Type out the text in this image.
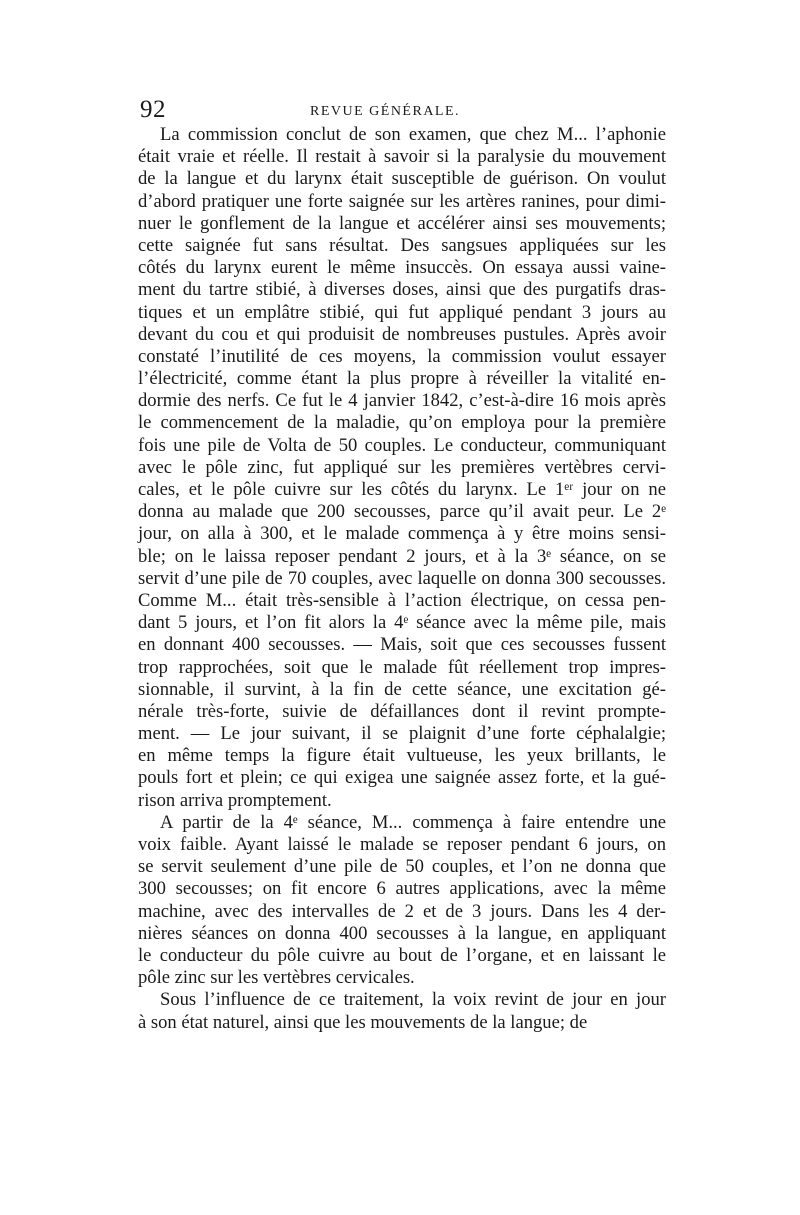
92	REVUE GÉNÉRALE.
La commission conclut de son examen, que chez M... l’aphonie
était vraie et réelle. Il restait à savoir si la paralysie du mouvement
de la langue et du larynx était susceptible de guérison. On voulut
d’abord pratiquer une forte saignée sur les artères ranines, pour dimi-
nuer le gonflement de la langue et accélérer ainsi ses mouvements;
cette saignée fut sans résultat. Des sangsues appliquées sur les
côtés du larynx eurent le même insuccès. On essaya aussi vaine-
ment du tartre stibié, à diverses doses, ainsi que des purgatifs dras-
tiques et un emplâtre stibié, qui fut appliqué pendant 3 jours au
devant du cou et qui produisit de nombreuses pustules. Après avoir
constaté l’inutilité de ces moyens, la commission voulut essayer
l’électricité, comme étant la plus propre à réveiller la vitalité en-
dormie des nerfs. Ce fut le 4 janvier 1842, c’est-à-dire 16 mois après
le commencement de la maladie, qu’on employa pour la première
fois une pile de Volta de 50 couples. Le conducteur, communiquant
avec le pôle zinc, fut appliqué sur les premières vertèbres cervi-
cales, et le pôle cuivre sur les côtés du larynx. Le 1ᵉʳ jour on ne
donna au malade que 200 secousses, parce qu’il avait peur. Le 2ᵉ
jour, on alla à 300, et le malade commença à y être moins sensi-
ble; on le laissa reposer pendant 2 jours, et à la 3ᵉ séance, on se
servit d’une pile de 70 couples, avec laquelle on donna 300 secousses.
Comme M... était très-sensible à l’action électrique, on cessa pen-
dant 5 jours, et l’on fit alors la 4ᵉ séance avec la même pile, mais
en donnant 400 secousses. — Mais, soit que ces secousses fussent
trop rapprochées, soit que le malade fût réellement trop impres-
sionnable, il survint, à la fin de cette séance, une excitation gé-
nérale très-forte, suivie de défaillances dont il revint prompte-
ment. — Le jour suivant, il se plaignit d’une forte céphalalgie;
en même temps la figure était vultueuse, les yeux brillants, le
pouls fort et plein; ce qui exigea une saignée assez forte, et la gué-
rison arriva promptement.
A partir de la 4ᵉ séance, M... commença à faire entendre une
voix faible. Ayant laissé le malade se reposer pendant 6 jours, on
se servit seulement d’une pile de 50 couples, et l’on ne donna que
300 secousses; on fit encore 6 autres applications, avec la même
machine, avec des intervalles de 2 et de 3 jours. Dans les 4 der-
nières séances on donna 400 secousses à la langue, en appliquant
le conducteur du pôle cuivre au bout de l’organe, et en laissant le
pôle zinc sur les vertèbres cervicales.
Sous l’influence de ce traitement, la voix revint de jour en jour
à son état naturel, ainsi que les mouvements de la langue; de
